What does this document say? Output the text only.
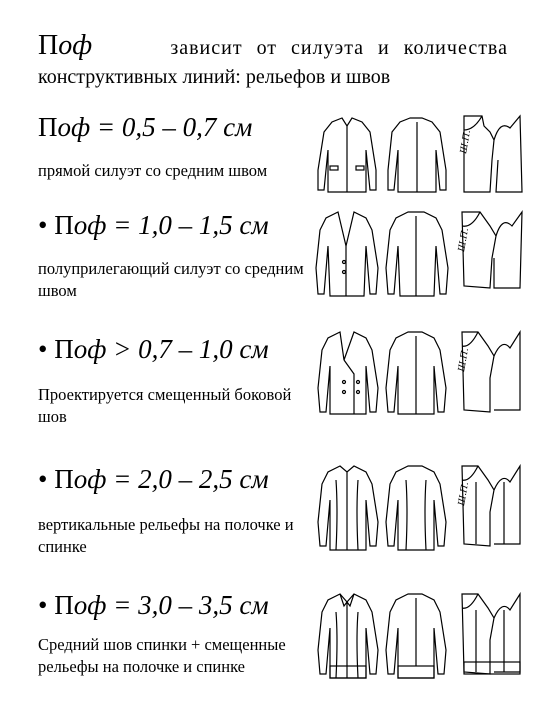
Поф	зависит от силуэта и количества
конструктивных линий: рельефов и швов
Поф = 0,5 – 0,7 см
прямой силуэт со средним швом
Ш.П.
• Поф = 1,0 – 1,5 см
полуприлегающий силуэт со средним швом
Ш.П.
• Поф > 0,7 – 1,0 см
Проектируется смещенный боковой шов
Ш.П.
• Поф = 2,0 – 2,5 см
вертикальные рельефы на полочке и спинке
Ш.П.
• Поф = 3,0 – 3,5 см
Средний шов спинки + смещенные рельефы на полочке и спинке
